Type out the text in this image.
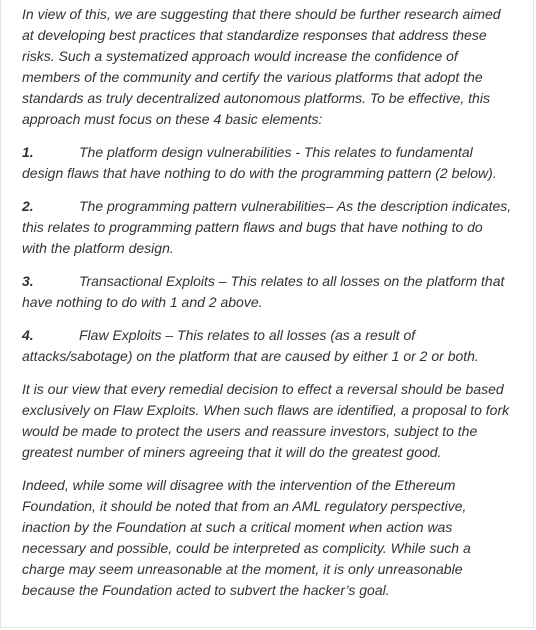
In view of this, we are suggesting that there should be further research aimed
at developing best practices that standardize responses that address these
risks. Such a systematized approach would increase the confidence of
members of the community and certify the various platforms that adopt the
standards as truly decentralized autonomous platforms. To be effective, this
approach must focus on these 4 basic elements:

1.	The platform design vulnerabilities - This relates to fundamental
design flaws that have nothing to do with the programming pattern (2 below).
2.	The programming pattern vulnerabilities– As the description indicates,
this relates to programming pattern flaws and bugs that have nothing to do
with the platform design.
3.	Transactional Exploits – This relates to all losses on the platform that
have nothing to do with 1 and 2 above.
4.	Flaw Exploits – This relates to all losses (as a result of
attacks/sabotage) on the platform that are caused by either 1 or 2 or both.

It is our view that every remedial decision to effect a reversal should be based
exclusively on Flaw Exploits. When such flaws are identified, a proposal to fork
would be made to protect the users and reassure investors, subject to the
greatest number of miners agreeing that it will do the greatest good.

Indeed, while some will disagree with the intervention of the Ethereum
Foundation, it should be noted that from an AML regulatory perspective,
inaction by the Foundation at such a critical moment when action was
necessary and possible, could be interpreted as complicity. While such a
charge may seem unreasonable at the moment, it is only unreasonable
because the Foundation acted to subvert the hacker’s goal.
